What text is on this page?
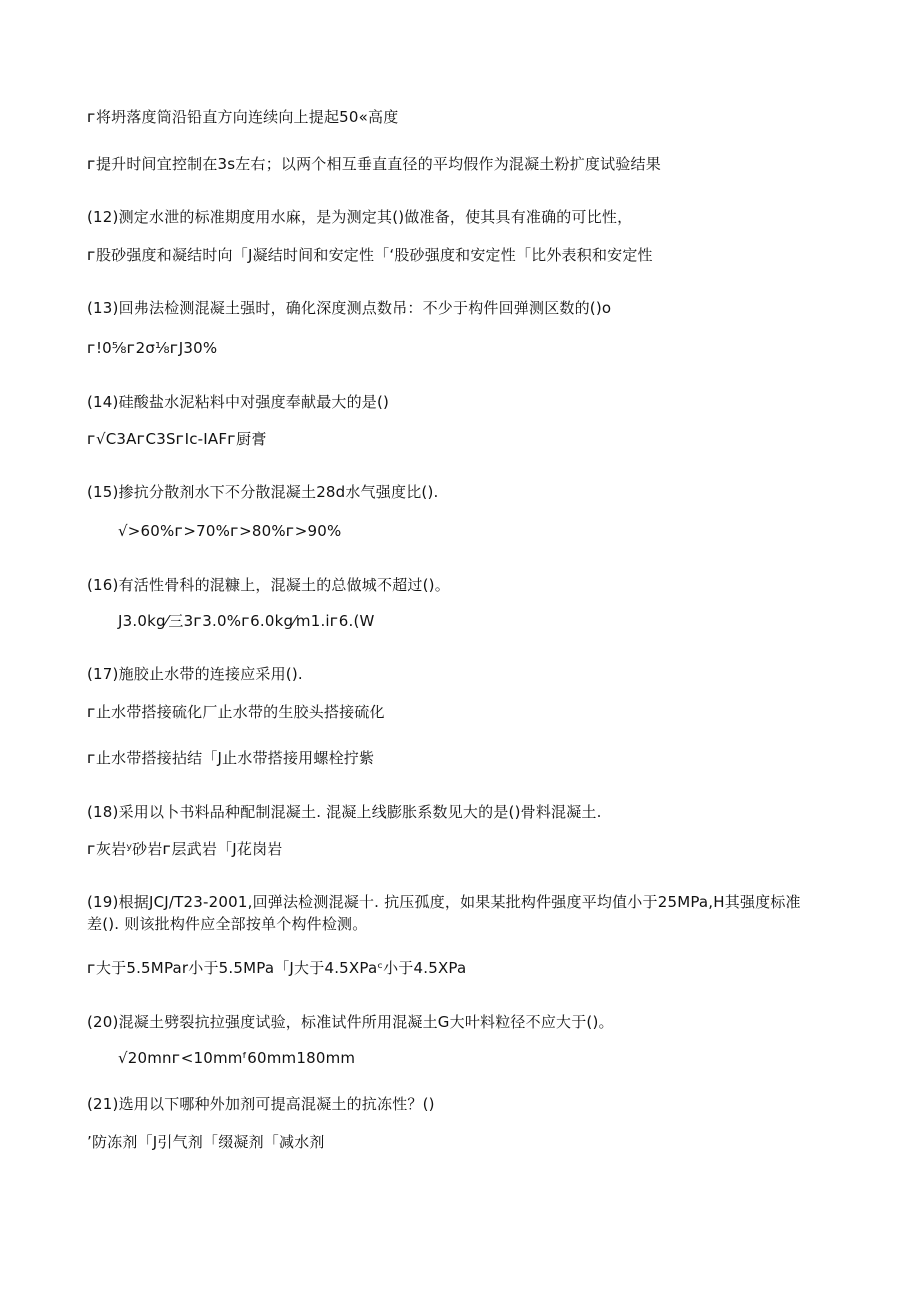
ᴦ将坍落度筒沿铅直方向连续向上提起50«高度
ᴦ提升时间宜控制在3s左右；以两个相互垂直直径的平均假作为混凝土粉扩度试验结果
(12)测定水泄的标准期度用水麻，是为测定其()做准备，使其具有准确的可比性，
ᴦ股砂强度和凝结时向「J凝结时间和安定性「‘股砂强度和安定性「比外表积和安定性
(13)回弗法检测混凝土强时，确化深度测点数吊：不少于构件回弹测区数的()o
ᴦ!0⅝ᴦ2σ⅛ᴦJ30%
(14)硅酸盐水泥粘料中对强度奉献最大的是()
ᴦ√C3AᴦC3SᴦIc-IAFᴦ厨膏
(15)掺抗分散剂水下不分散混凝土28d水气强度比().
√>60%ᴦ>70%ᴦ>80%ᴦ>90%
(16)有活性骨科的混糠上，混凝土的总做城不超过()。
J3.0kg⁄三3ᴦ3.0%ᴦ6.0kg⁄m1.iᴦ6.(W
(17)施胶止水带的连接应采用().
ᴦ止水带搭接硫化厂止水带的生胶头搭接硫化
ᴦ止水带搭接拈结「J止水带搭接用螺栓拧紫
(18)采用以卜书料品种配制混凝土. 混凝上线膨胀系数见大的是()骨料混凝土.
ᴦ灰岩ʸ砂岩ᴦ层武岩「J花岗岩
(19)根据JCJ/T23-2001,回弹法检测混凝十. 抗压孤度，如果某批构件强度平均值小于25MPa,H其强度标准差(). 则该批构件应全部按单个构件检测。
ᴦ大于5.5MPar小于5.5MPa「J大于4.5XPaᶜ小于4.5XPa
(20)混凝土劈裂抗拉强度试验，标准试件所用混凝土G大叶料粒径不应大于()。
√20mnᴦ<10mmᶠ60mm180mm
(21)选用以下哪种外加剂可提高混凝土的抗冻性？()
’防冻剂「J引气剂「缀凝剂「减水剂
